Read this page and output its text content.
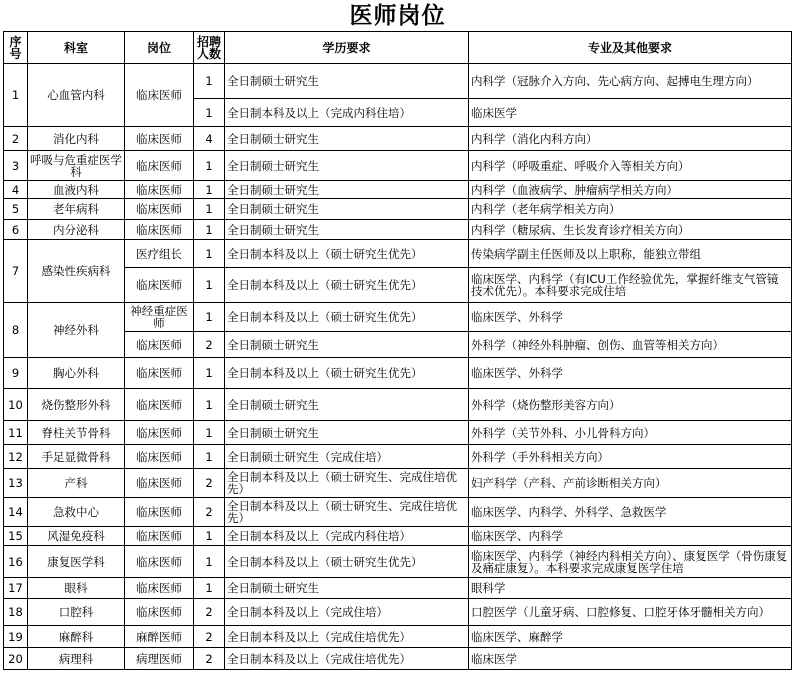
医师岗位
序号	科室	岗位	招聘人数	学历要求	专业及其他要求
1	心血管内科	临床医师	1	全日制硕士研究生	内科学（冠脉介入方向、先心病方向、起搏电生理方向）
			1	全日制本科及以上（完成内科住培）	临床医学
2	消化内科	临床医师	4	全日制硕士研究生	内科学（消化内科方向）
3	呼吸与危重症医学科	临床医师	1	全日制硕士研究生	内科学（呼吸重症、呼吸介入等相关方向）
4	血液内科	临床医师	1	全日制硕士研究生	内科学（血液病学、肿瘤病学相关方向）
5	老年病科	临床医师	1	全日制硕士研究生	内科学（老年病学相关方向）
6	内分泌科	临床医师	1	全日制硕士研究生	内科学（糖尿病、生长发育诊疗相关方向）
7	感染性疾病科	医疗组长	1	全日制本科及以上（硕士研究生优先）	传染病学副主任医师及以上职称，能独立带组
		临床医师	1	全日制本科及以上（硕士研究生优先）	临床医学、内科学（有ICU工作经验优先，掌握纤维支气管镜技术优先）。本科要求完成住培
8	神经外科	神经重症医师	1	全日制本科及以上（硕士研究生优先）	临床医学、外科学
		临床医师	2	全日制硕士研究生	外科学（神经外科肿瘤、创伤、血管等相关方向）
9	胸心外科	临床医师	1	全日制本科及以上（硕士研究生优先）	临床医学、外科学
10	烧伤整形外科	临床医师	1	全日制硕士研究生	外科学（烧伤整形美容方向）
11	脊柱关节骨科	临床医师	1	全日制硕士研究生	外科学（关节外科、小儿骨科方向）
12	手足显微骨科	临床医师	1	全日制硕士研究生（完成住培）	外科学（手外科相关方向）
13	产科	临床医师	2	全日制本科及以上（硕士研究生、完成住培优先）	妇产科学（产科、产前诊断相关方向）
14	急救中心	临床医师	2	全日制本科及以上（硕士研究生、完成住培优先）	临床医学、内科学、外科学、急救医学
15	风湿免疫科	临床医师	1	全日制本科及以上（完成内科住培）	临床医学、内科学
16	康复医学科	临床医师	1	全日制本科及以上（硕士研究生优先）	临床医学、内科学（神经内科相关方向）、康复医学（骨伤康复及痛症康复）。本科要求完成康复医学住培
17	眼科	临床医师	1	全日制硕士研究生	眼科学
18	口腔科	临床医师	2	全日制本科及以上（完成住培）	口腔医学（儿童牙病、口腔修复、口腔牙体牙髓相关方向）
19	麻醉科	麻醉医师	2	全日制本科及以上（完成住培优先）	临床医学、麻醉学
20	病理科	病理医师	2	全日制本科及以上（完成住培优先）	临床医学
